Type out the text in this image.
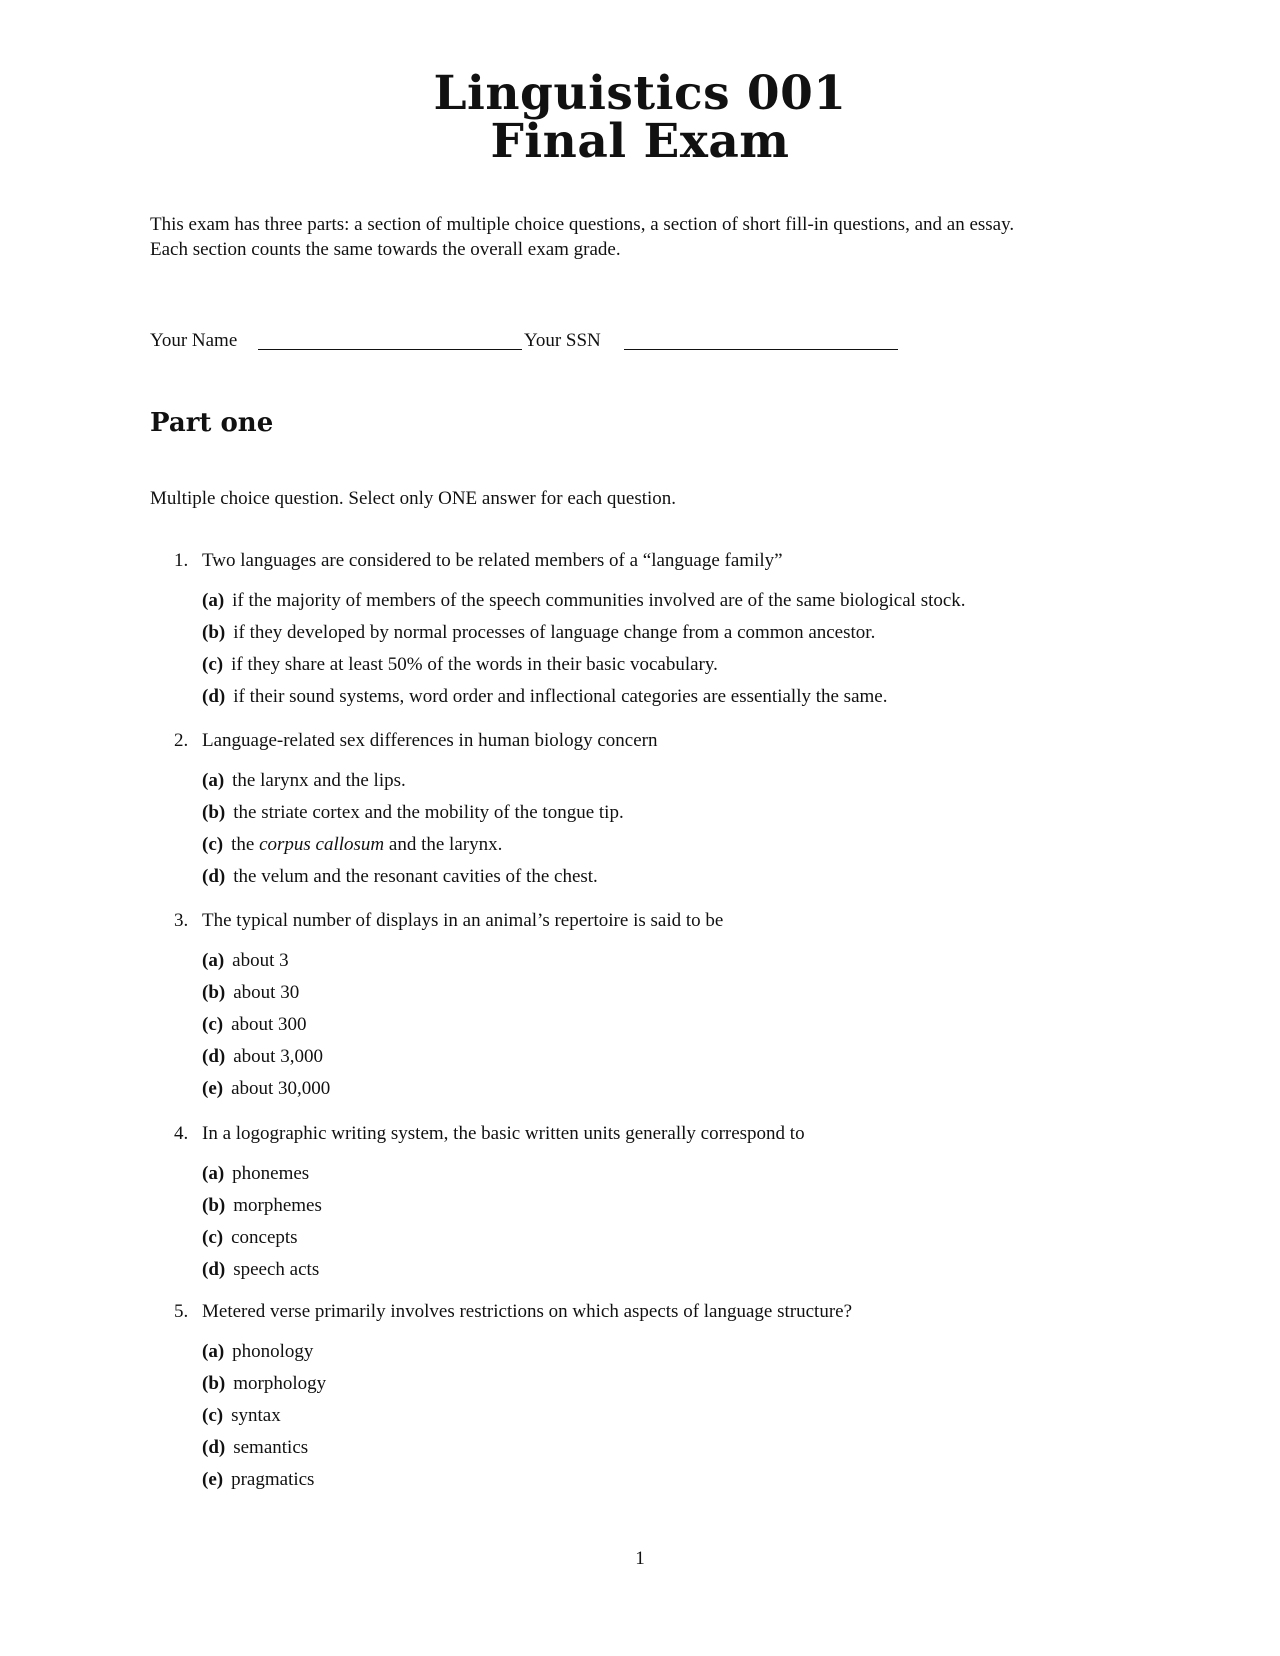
Linguistics 001
Final Exam
This exam has three parts: a section of multiple choice questions, a section of short fill-in questions, and an essay.
Each section counts the same towards the overall exam grade.
Your Name	Your SSN
Part one
Multiple choice question. Select only ONE answer for each question.
1. Two languages are considered to be related members of a “language family”
(a) if the majority of members of the speech communities involved are of the same biological stock.
(b) if they developed by normal processes of language change from a common ancestor.
(c) if they share at least 50% of the words in their basic vocabulary.
(d) if their sound systems, word order and inflectional categories are essentially the same.
2. Language-related sex differences in human biology concern
(a) the larynx and the lips.
(b) the striate cortex and the mobility of the tongue tip.
(c) the corpus callosum and the larynx.
(d) the velum and the resonant cavities of the chest.
3. The typical number of displays in an animal’s repertoire is said to be
(a) about 3
(b) about 30
(c) about 300
(d) about 3,000
(e) about 30,000
4. In a logographic writing system, the basic written units generally correspond to
(a) phonemes
(b) morphemes
(c) concepts
(d) speech acts
5. Metered verse primarily involves restrictions on which aspects of language structure?
(a) phonology
(b) morphology
(c) syntax
(d) semantics
(e) pragmatics
1
